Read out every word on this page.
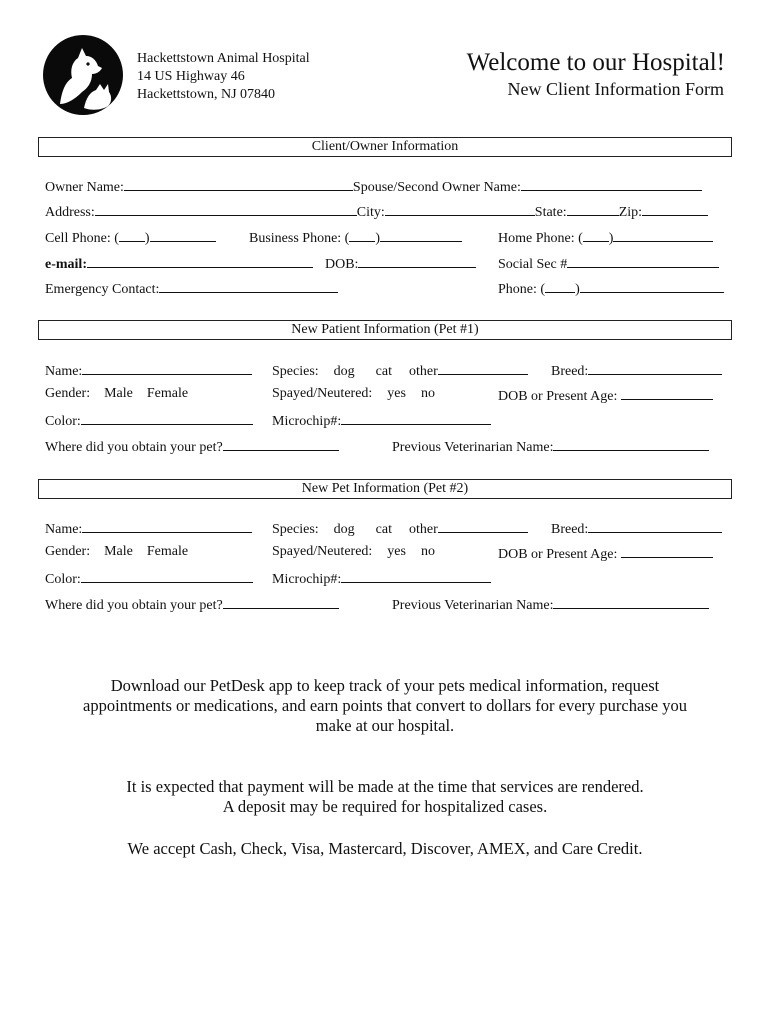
Hackettstown Animal Hospital
14 US Highway 46
Hackettstown, NJ 07840
Welcome to our Hospital!
New Client Information Form
Client/Owner Information
Owner Name:	Spouse/Second Owner Name:
Address:	City:	State:	Zip:
Cell Phone: ( )	Business Phone: ( )	Home Phone: ( )
e-mail:	DOB:	Social Sec #
Emergency Contact:	Phone: ( )
New Patient Information (Pet #1)
Name:	Species: dog cat other	Breed:
Gender: Male Female	Spayed/Neutered: yes no	DOB or Present Age:
Color:	Microchip#:
Where did you obtain your pet?	Previous Veterinarian Name:
New Pet Information (Pet #2)
Name:	Species: dog cat other	Breed:
Gender: Male Female	Spayed/Neutered: yes no	DOB or Present Age:
Color:	Microchip#:
Where did you obtain your pet?	Previous Veterinarian Name:
Download our PetDesk app to keep track of your pets medical information, request
appointments or medications, and earn points that convert to dollars for every purchase you
make at our hospital.
It is expected that payment will be made at the time that services are rendered.
A deposit may be required for hospitalized cases.
We accept Cash, Check, Visa, Mastercard, Discover, AMEX, and Care Credit.
